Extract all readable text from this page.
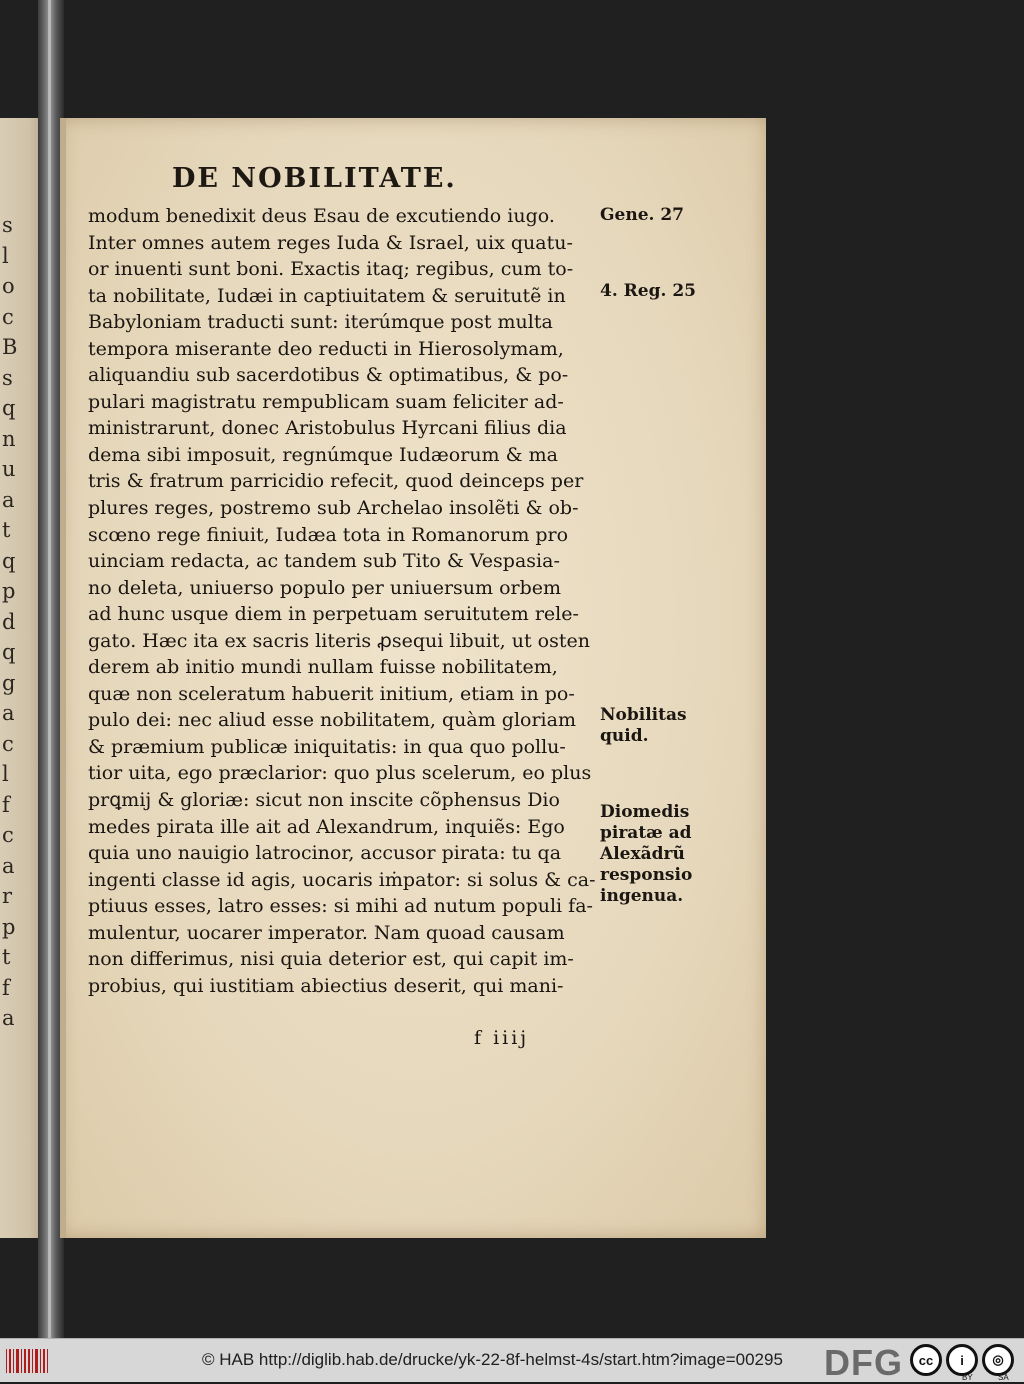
s
l
o
c
B
s
q
n
u
a
t
q
p
d
q
g
a
c
l
f
c
a
r
p
t
f
a
DE NOBILITATE.
modum benedixit deus Esau de excutiendo iugo.
Inter omnes autem reges Iuda & Israel, uix quatu-
or inuenti sunt boni. Exactis itaq; regibus, cum to-
ta nobilitate, Iudæi in captiuitatem & seruitutẽ in
Babyloniam traducti sunt: iterúmque post multa
tempora miserante deo reducti in Hierosolymam,
aliquandiu sub sacerdotibus & optimatibus, & po-
pulari magistratu rempublicam suam feliciter ad-
ministrarunt, donec Aristobulus Hyrcani filius dia
dema sibi imposuit, regnúmque Iudæorum & ma
tris & fratrum parricidio refecit, quod deinceps per
plures reges, postremo sub Archelao insolẽti & ob-
scœno rege finiuit, Iudæa tota in Romanorum pro
uinciam redacta, ac tandem sub Tito & Vespasia-
no deleta, uniuerso populo per uniuersum orbem
ad hunc usque diem in perpetuam seruitutem rele-
gato. Hæc ita ex sacris literis ꝓsequi libuit, ut osten
derem ab initio mundi nullam fuisse nobilitatem,
quæ non sceleratum habuerit initium, etiam in po-
pulo dei: nec aliud esse nobilitatem, quàm gloriam
& præmium publicæ iniquitatis: in qua quo pollu-
tior uita, ego præclarior: quo plus scelerum, eo plus
prꝗmij & gloriæ: sicut non inscite cõphensus Dio
medes pirata ille ait ad Alexandrum, inquiẽs: Ego
quia uno nauigio latrocinor, accusor pirata: tu qa
ingenti classe id agis, uocaris iṁpator: si solus & ca-
ptiuus esses, latro esses: si mihi ad nutum populi fa-
mulentur, uocarer imperator. Nam quoad causam
non differimus, nisi quia deterior est, qui capit im-
probius, qui iustitiam abiectius deserit, qui mani-
Gene. 27
4. Reg. 25
Nobilitas
quid.
Diomedis
piratæ ad
Alexãdrũ
responsio
ingenua.
f iiij
© HAB http://diglib.hab.de/drucke/yk-22-8f-helmst-4s/start.htm?image=00295 DFG	cc	i	◎
BY	SA
